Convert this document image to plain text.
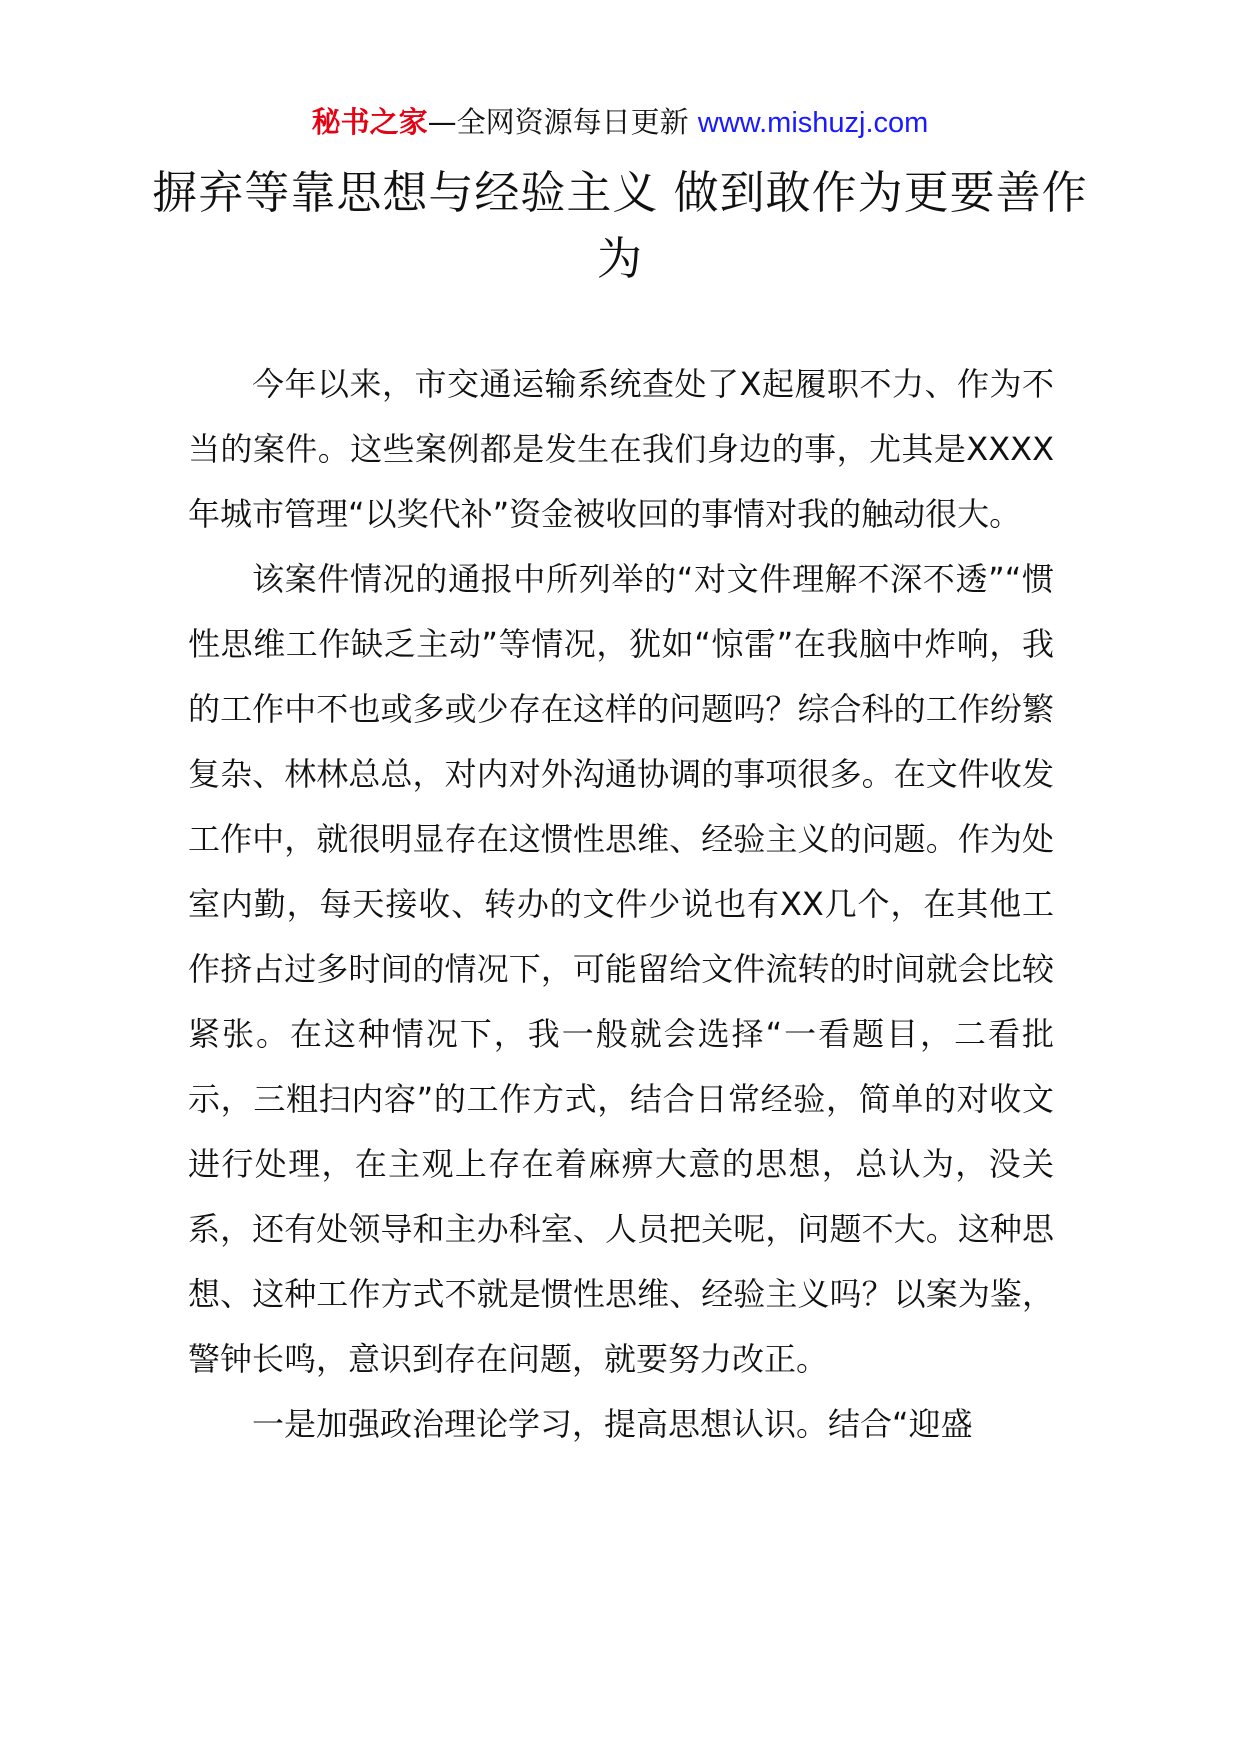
秘书之家—全网资源每日更新 www.mishuzj.com
摒弃等靠思想与经验主义 做到敢作为更要善作为

今年以来，市交通运输系统查处了X起履职不力、作为不当的案件。这些案例都是发生在我们身边的事，尤其是XXXX年城市管理“以奖代补”资金被收回的事情对我的触动很大。

该案件情况的通报中所列举的“对文件理解不深不透”“惯性思维工作缺乏主动”等情况，犹如“惊雷”在我脑中炸响，我的工作中不也或多或少存在这样的问题吗？综合科的工作纷繁复杂、林林总总，对内对外沟通协调的事项很多。在文件收发工作中，就很明显存在这惯性思维、经验主义的问题。作为处室内勤，每天接收、转办的文件少说也有XX几个，在其他工作挤占过多时间的情况下，可能留给文件流转的时间就会比较紧张。在这种情况下，我一般就会选择“一看题目，二看批示，三粗扫内容”的工作方式，结合日常经验，简单的对收文进行处理，在主观上存在着麻痹大意的思想，总认为，没关系，还有处领导和主办科室、人员把关呢，问题不大。这种思想、这种工作方式不就是惯性思维、经验主义吗？以案为鉴，警钟长鸣，意识到存在问题，就要努力改正。

一是加强政治理论学习，提高思想认识。结合“迎盛
